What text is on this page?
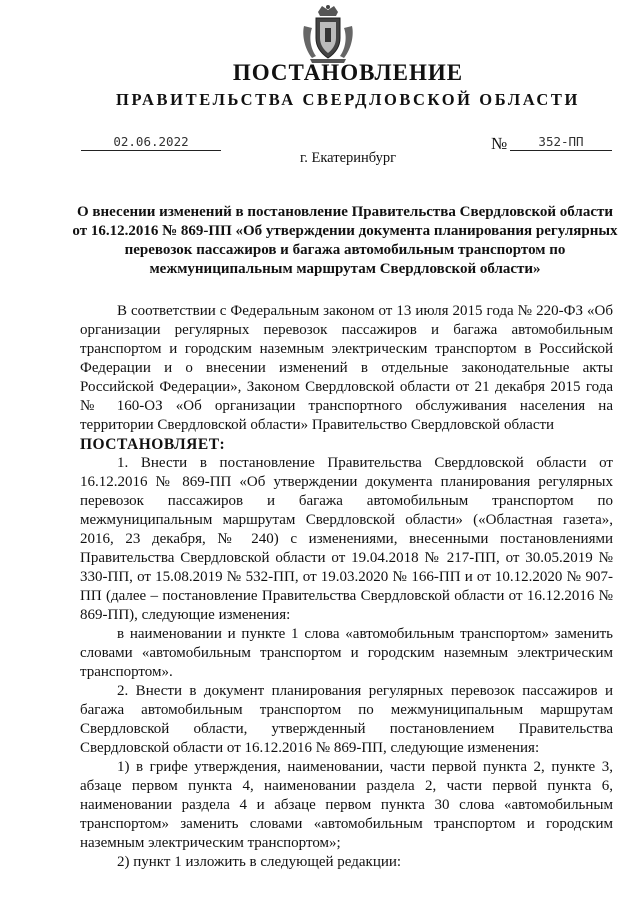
ПОСТАНОВЛЕНИЕ
ПРАВИТЕЛЬСТВА СВЕРДЛОВСКОЙ ОБЛАСТИ
02.06.2022	№	352-ПП
г. Екатеринбург
О внесении изменений в постановление Правительства Свердловской области от 16.12.2016 № 869-ПП «Об утверждении документа планирования регулярных перевозок пассажиров и багажа автомобильным транспортом по межмуниципальным маршрутам Свердловской области»

В соответствии с Федеральным законом от 13 июля 2015 года № 220-ФЗ «Об организации регулярных перевозок пассажиров и багажа автомобильным транспортом и городским наземным электрическим транспортом в Российской Федерации и о внесении изменений в отдельные законодательные акты Российской Федерации», Законом Свердловской области от 21 декабря 2015 года № 160-ОЗ «Об организации транспортного обслуживания населения на территории Свердловской области» Правительство Свердловской области

ПОСТАНОВЛЯЕТ:

1. Внести в постановление Правительства Свердловской области от 16.12.2016 № 869-ПП «Об утверждении документа планирования регулярных перевозок пассажиров и багажа автомобильным транспортом по межмуниципальным маршрутам Свердловской области» («Областная газета», 2016, 23 декабря, № 240) с изменениями, внесенными постановлениями Правительства Свердловской области от 19.04.2018 № 217-ПП, от 30.05.2019 № 330-ПП, от 15.08.2019 № 532-ПП, от 19.03.2020 № 166-ПП и от 10.12.2020 № 907-ПП (далее – постановление Правительства Свердловской области от 16.12.2016 № 869-ПП), следующие изменения:

в наименовании и пункте 1 слова «автомобильным транспортом» заменить словами «автомобильным транспортом и городским наземным электрическим транспортом».

2. Внести в документ планирования регулярных перевозок пассажиров и багажа автомобильным транспортом по межмуниципальным маршрутам Свердловской области, утвержденный постановлением Правительства Свердловской области от 16.12.2016 № 869-ПП, следующие изменения:

1) в грифе утверждения, наименовании, части первой пункта 2, пункте 3, абзаце первом пункта 4, наименовании раздела 2, части первой пункта 6, наименовании раздела 4 и абзаце первом пункта 30 слова «автомобильным транспортом» заменить словами «автомобильным транспортом и городским наземным электрическим транспортом»;

2) пункт 1 изложить в следующей редакции:
